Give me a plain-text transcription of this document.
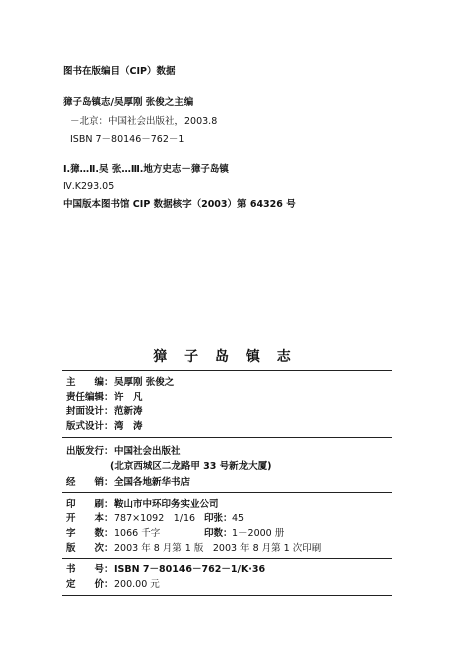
图书在版编目（CIP）数据
獐子岛镇志/吴厚刚 张俊之主编
－北京：中国社会出版社，2003.8
ISBN 7－80146－762－1
Ⅰ.獐…Ⅱ.吴 张…Ⅲ.地方史志－獐子岛镇
Ⅳ.K293.05
中国版本图书馆 CIP 数据核字（2003）第 64326 号
獐 子 岛 镇 志
主　　编： 吴厚刚 张俊之
责任编辑： 许　凡
封面设计： 范新涛
版式设计： 湾　涛
出版发行： 中国社会出版社
(北京西城区二龙路甲 33 号新龙大厦)
经　　销： 全国各地新华书店
印　　刷： 鞍山市中环印务实业公司
开　　本： 787×1092　1/16 印张： 45
字　　数： 1066 千字	印数： 1－2000 册
版　　次： 2003 年 8 月第 1 版　2003 年 8 月第 1 次印刷
书　　号： ISBN 7－80146－762－1/K·36
定　　价： 200.00 元
